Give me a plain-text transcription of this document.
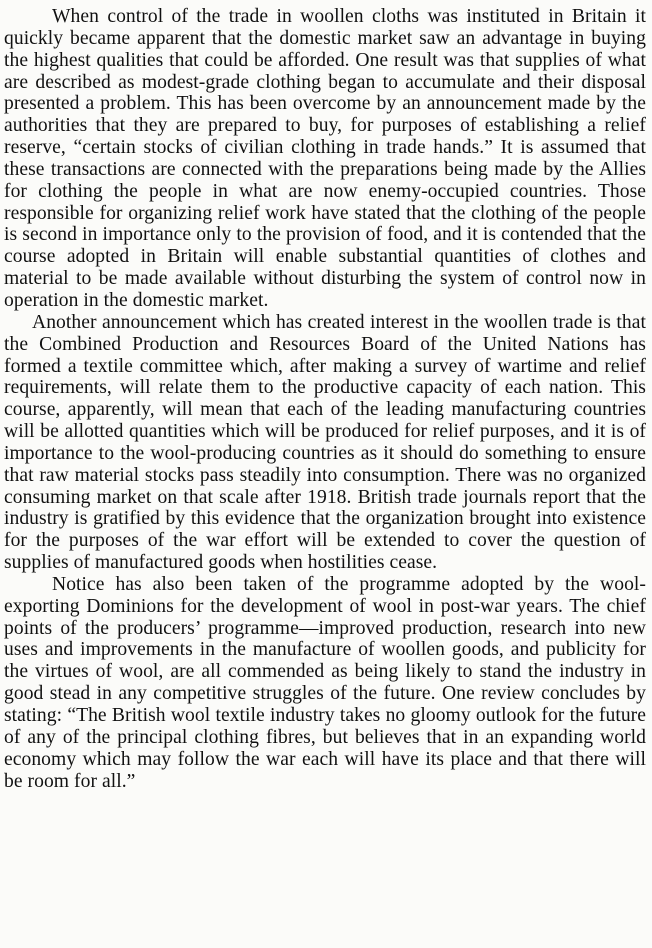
When control of the trade in woollen cloths was instituted in Britain it quickly became apparent that the domestic market saw an advantage in buying the highest qualities that could be afforded. One result was that supplies of what are described as modest-grade clothing began to accumulate and their disposal presented a problem. This has been overcome by an announcement made by the authorities that they are prepared to buy, for purposes of establishing a relief reserve, “certain stocks of civilian clothing in trade hands.” It is assumed that these transactions are connected with the preparations being made by the Allies for clothing the people in what are now enemy-occupied countries. Those responsible for organizing relief work have stated that the clothing of the people is second in importance only to the provision of food, and it is contended that the course adopted in Britain will enable substantial quantities of clothes and material to be made available without disturbing the system of control now in operation in the domestic market.

Another announcement which has created interest in the woollen trade is that the Combined Production and Resources Board of the United Nations has formed a textile committee which, after making a survey of wartime and relief requirements, will relate them to the productive capacity of each nation. This course, apparently, will mean that each of the leading manufacturing countries will be allotted quantities which will be produced for relief purposes, and it is of importance to the wool-producing countries as it should do something to ensure that raw material stocks pass steadily into consumption. There was no organized consuming market on that scale after 1918. British trade journals report that the industry is gratified by this evidence that the organization brought into existence for the purposes of the war effort will be extended to cover the question of supplies of manufactured goods when hostilities cease.

Notice has also been taken of the programme adopted by the wool-exporting Dominions for the development of wool in post-war years. The chief points of the producers’ programme—improved production, research into new uses and improvements in the manufacture of woollen goods, and publicity for the virtues of wool, are all commended as being likely to stand the industry in good stead in any competitive struggles of the future. One review concludes by stating: “The British wool textile industry takes no gloomy outlook for the future of any of the principal clothing fibres, but believes that in an expanding world economy which may follow the war each will have its place and that there will be room for all.”
